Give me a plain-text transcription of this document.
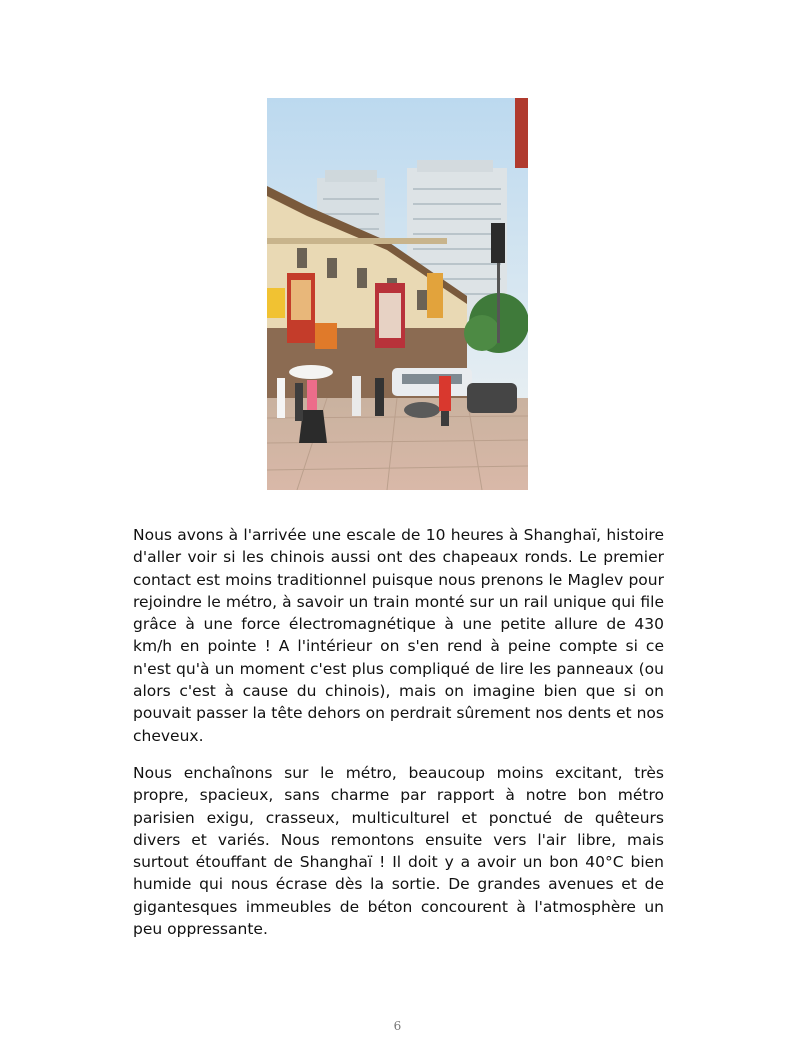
Nous avons à l'arrivée une escale de 10 heures à Shanghaï, histoire d'aller voir si les chinois aussi ont des chapeaux ronds. Le premier contact est moins traditionnel puisque nous prenons le Maglev pour rejoindre le métro, à savoir un train monté sur un rail unique qui file grâce à une force électromagnétique à une petite allure de 430 km/h en pointe ! A l'intérieur on s'en rend à peine compte si ce n'est qu'à un moment c'est plus compliqué de lire les panneaux (ou alors c'est à cause du chinois), mais on imagine bien que si on pouvait passer la tête dehors on perdrait sûrement nos dents et nos cheveux.

Nous enchaînons sur le métro, beaucoup moins excitant, très propre, spacieux, sans charme par rapport à notre bon métro parisien exigu, crasseux, multiculturel et ponctué de quêteurs divers et variés. Nous remontons ensuite vers l'air libre, mais surtout étouffant de Shanghaï ! Il doit y a avoir un bon 40°C bien humide qui nous écrase dès la sortie. De grandes avenues et de gigantesques immeubles de béton concourent à l'atmosphère un peu oppressante.

6
